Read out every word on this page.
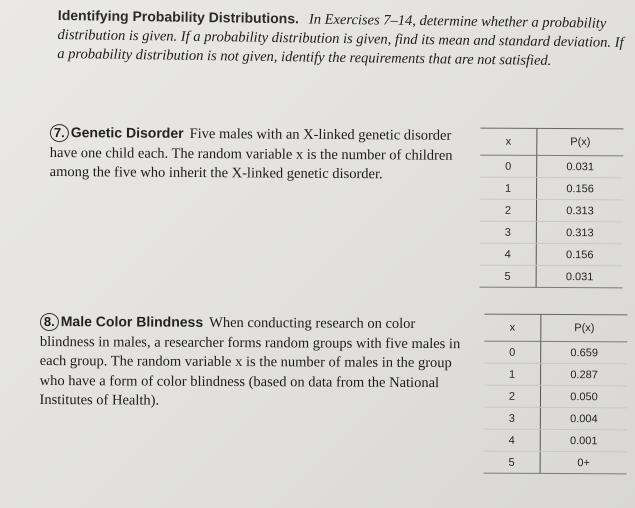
Identifying Probability Distributions. In Exercises 7–14, determine whether a probability distribution is given. If a probability distribution is given, find its mean and standard deviation. If a probability distribution is not given, identify the requirements that are not satisfied.
7. Genetic Disorder Five males with an X-linked genetic disorder have one child each. The random variable x is the number of children among the five who inherit the X-linked genetic disorder.
x	P(x)
0	0.031
1	0.156
2	0.313
3	0.313
4	0.156
5	0.031
8. Male Color Blindness When conducting research on color blindness in males, a researcher forms random groups with five males in each group. The random variable x is the number of males in the group who have a form of color blindness (based on data from the National Institutes of Health).
x	P(x)
0	0.659
1	0.287
2	0.050
3	0.004
4	0.001
5	0+
